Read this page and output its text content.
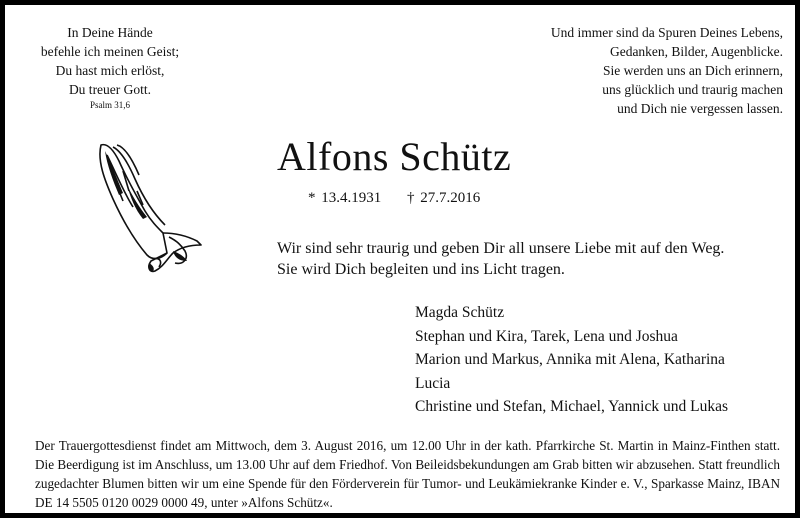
In Deine Hände
befehle ich meinen Geist;
Du hast mich erlöst,
Du treuer Gott.
Psalm 31,6
Und immer sind da Spuren Deines Lebens,
Gedanken, Bilder, Augenblicke.
Sie werden uns an Dich erinnern,
uns glücklich und traurig machen
und Dich nie vergessen lassen.
Alfons Schütz
* 13.4.1931 † 27.7.2016
Wir sind sehr traurig und geben Dir all unsere Liebe mit auf den Weg.
Sie wird Dich begleiten und ins Licht tragen.
Magda Schütz
Stephan und Kira, Tarek, Lena und Joshua
Marion und Markus, Annika mit Alena, Katharina
Lucia
Christine und Stefan, Michael, Yannick und Lukas
Der Trauergottesdienst findet am Mittwoch, dem 3. August 2016, um 12.00 Uhr in der kath. Pfarrkirche St. Martin in Mainz-Finthen statt. Die Beerdigung ist im Anschluss, um 13.00 Uhr auf dem Friedhof. Von Beileidsbekundungen am Grab bitten wir abzusehen. Statt freundlich zugedachter Blumen bitten wir um eine Spende für den Förderverein für Tumor- und Leukämiekranke Kinder e. V., Sparkasse Mainz, IBAN DE 14 5505 0120 0029 0000 49, unter »Alfons Schütz«.
